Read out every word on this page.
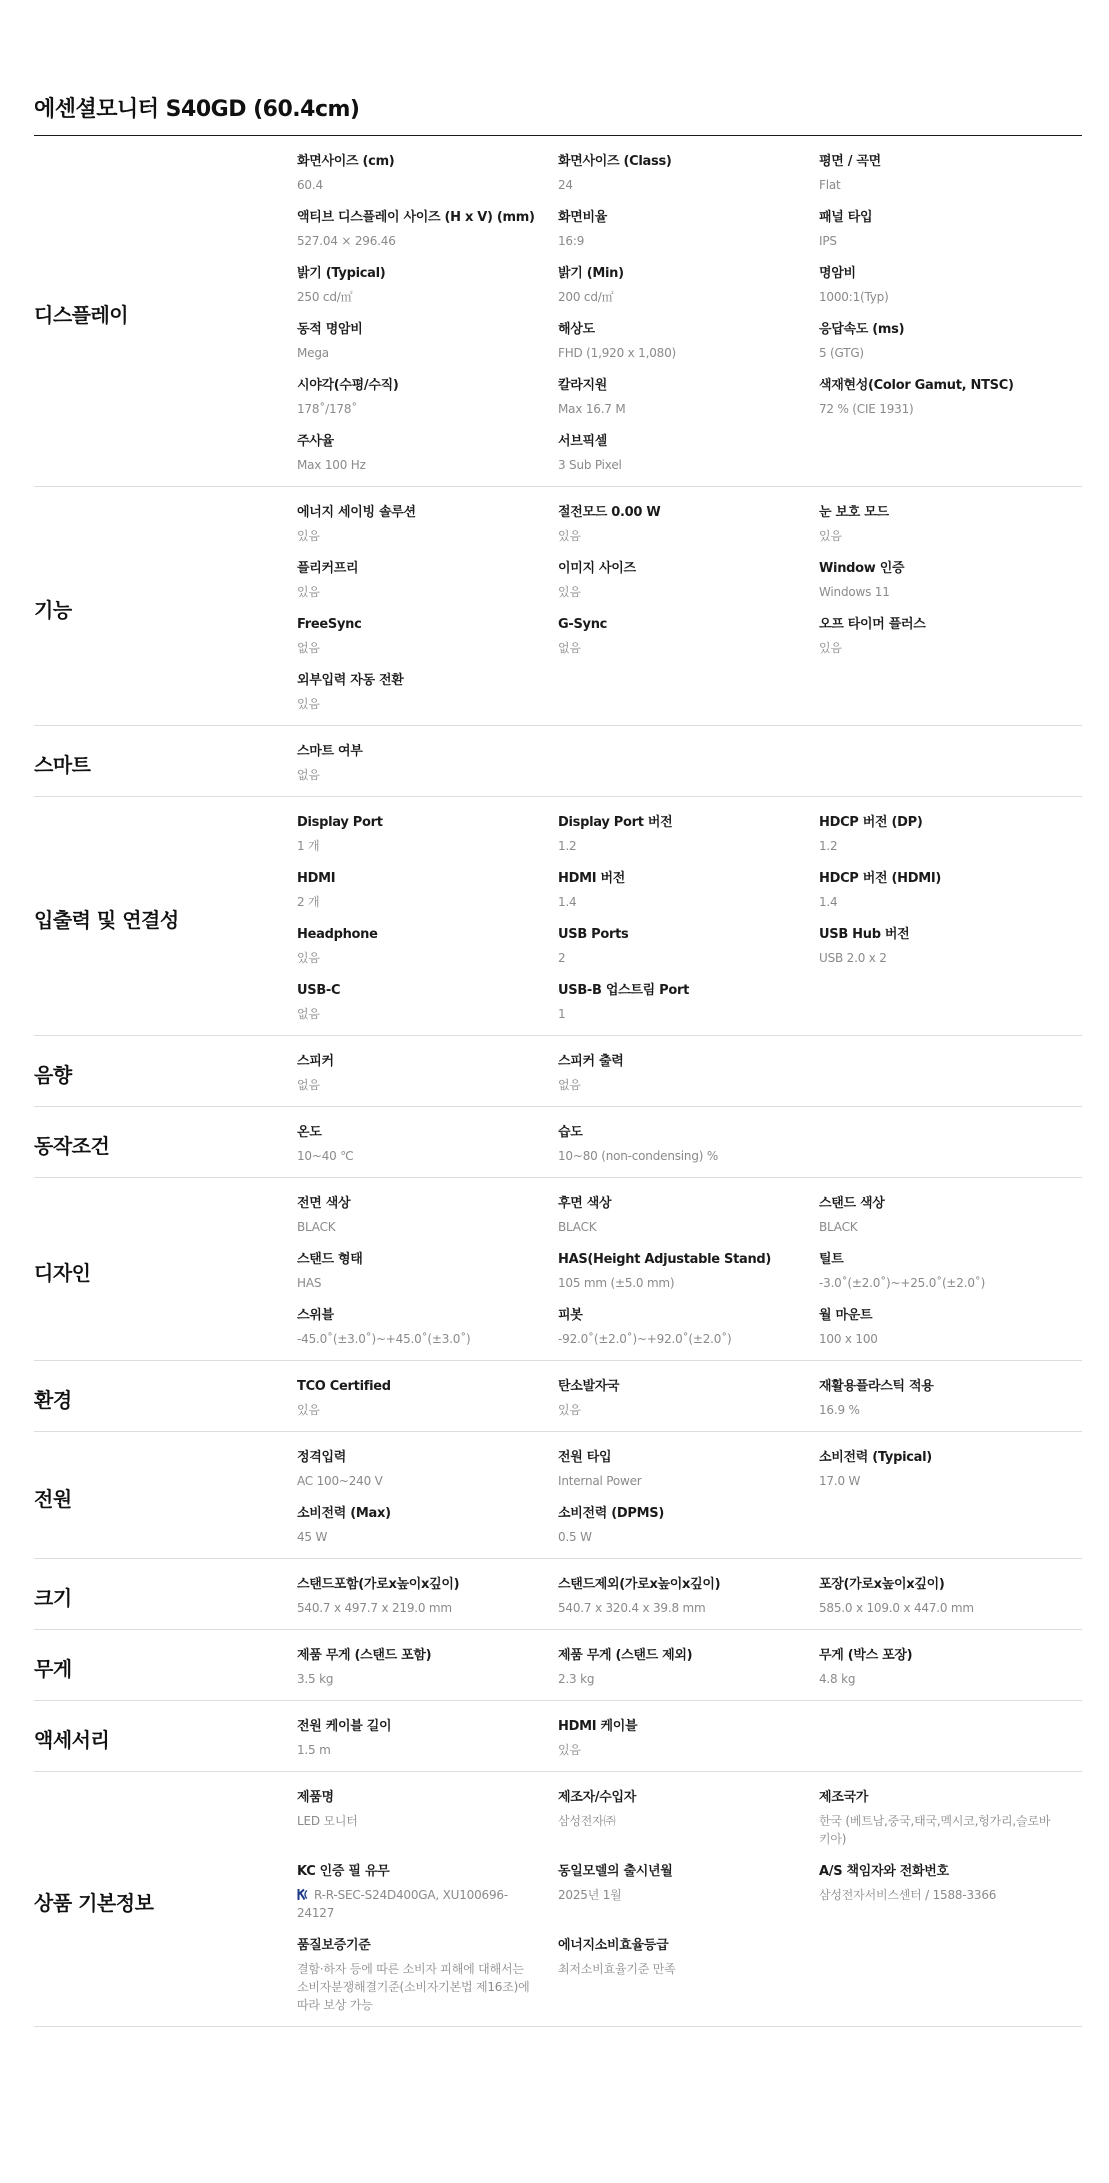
에센셜모니터 S40GD (60.4cm)
디스플레이
화면사이즈 (cm)
60.4
화면사이즈 (Class)
24
평면 / 곡면
Flat
액티브 디스플레이 사이즈 (H x V) (mm)
527.04 × 296.46
화면비율
16:9
패널 타입
IPS
밝기 (Typical)
250 cd/㎡
밝기 (Min)
200 cd/㎡
명암비
1000:1(Typ)
동적 명암비
Mega
해상도
FHD (1,920 x 1,080)
응답속도 (ms)
5 (GTG)
시야각(수평/수직)
178˚/178˚
칼라지원
Max 16.7 M
색재현성(Color Gamut, NTSC)
72 % (CIE 1931)
주사율
Max 100 Hz
서브픽셀
3 Sub Pixel
기능
에너지 세이빙 솔루션
있음
절전모드 0.00 W
있음
눈 보호 모드
있음
플리커프리
있음
이미지 사이즈
있음
Window 인증
Windows 11
FreeSync
없음
G-Sync
없음
오프 타이머 플러스
있음
외부입력 자동 전환
있음
스마트
스마트 여부
없음
입출력 및 연결성
Display Port
1 개
Display Port 버전
1.2
HDCP 버전 (DP)
1.2
HDMI
2 개
HDMI 버전
1.4
HDCP 버전 (HDMI)
1.4
Headphone
있음
USB Ports
2
USB Hub 버전
USB 2.0 x 2
USB-C
없음
USB-B 업스트림 Port
1
음향
스피커
없음
스피커 출력
없음
동작조건
온도
10~40 ℃
습도
10~80 (non-condensing) %
디자인
전면 색상
BLACK
후면 색상
BLACK
스탠드 색상
BLACK
스탠드 형태
HAS
HAS(Height Adjustable Stand)
105 mm (±5.0 mm)
틸트
-3.0˚(±2.0˚)~+25.0˚(±2.0˚)
스위블
-45.0˚(±3.0˚)~+45.0˚(±3.0˚)
피봇
-92.0˚(±2.0˚)~+92.0˚(±2.0˚)
월 마운트
100 x 100
환경
TCO Certified
있음
탄소발자국
있음
재활용플라스틱 적용
16.9 %
전원
정격입력
AC 100~240 V
전원 타입
Internal Power
소비전력 (Typical)
17.0 W
소비전력 (Max)
45 W
소비전력 (DPMS)
0.5 W
크기
스탠드포함(가로x높이x깊이)
540.7 x 497.7 x 219.0 mm
스탠드제외(가로x높이x깊이)
540.7 x 320.4 x 39.8 mm
포장(가로x높이x깊이)
585.0 x 109.0 x 447.0 mm
무게
제품 무게 (스탠드 포함)
3.5 kg
제품 무게 (스탠드 제외)
2.3 kg
무게 (박스 포장)
4.8 kg
액세서리
전원 케이블 길이
1.5 m
HDMI 케이블
있음
상품 기본정보
제품명
LED 모니터
제조자/수입자
삼성전자㈜
제조국가
한국 (베트남,중국,태국,멕시코,헝가리,슬로바키아)
KC 인증 필 유무
R-R-SEC-S24D400GA, XU100696-24127
동일모델의 출시년월
2025년 1월
A/S 책임자와 전화번호
삼성전자서비스센터 / 1588-3366
품질보증기준
결함·하자 등에 따른 소비자 피해에 대해서는 소비자분쟁해결기준(소비자기본법 제16조)에 따라 보상 가능
에너지소비효율등급
최저소비효율기준 만족
